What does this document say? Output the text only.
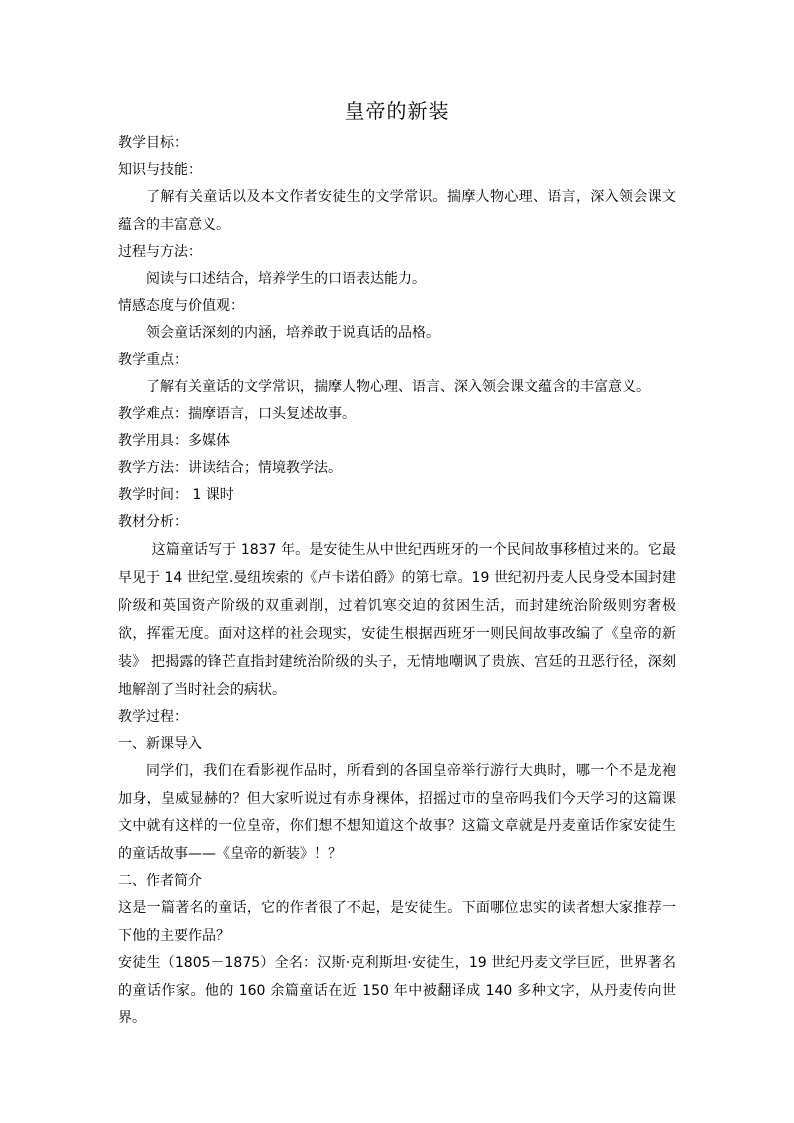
皇帝的新装

教学目标：

知识与技能：

了解有关童话以及本文作者安徒生的文学常识。揣摩人物心理、语言，深入领会课文蕴含的丰富意义。

过程与方法：

阅读与口述结合，培养学生的口语表达能力。

情感态度与价值观：

领会童话深刻的内涵，培养敢于说真话的品格。

教学重点：

了解有关童话的文学常识，揣摩人物心理、语言、深入领会课文蕴含的丰富意义。

教学难点：揣摩语言，口头复述故事。

教学用具：多媒体

教学方法：讲读结合；情境教学法。

教学时间： 1 课时

教材分析：

这篇童话写于 1837 年。是安徒生从中世纪西班牙的一个民间故事移植过来的。它最早见于 14 世纪堂.曼纽埃索的《卢卡诺伯爵》的第七章。19 世纪初丹麦人民身受本国封建阶级和英国资产阶级的双重剥削，过着饥寒交迫的贫困生活，而封建统治阶级则穷奢极欲，挥霍无度。面对这样的社会现实，安徒生根据西班牙一则民间故事改编了《皇帝的新装》 把揭露的锋芒直指封建统治阶级的头子，无情地嘲讽了贵族、宫廷的丑恶行径，深刻地解剖了当时社会的病状。

教学过程：

一、新课导入

同学们，我们在看影视作品时，所看到的各国皇帝举行游行大典时，哪一个不是龙袍加身，皇威显赫的？但大家听说过有赤身裸体，招摇过市的皇帝吗我们今天学习的这篇课文中就有这样的一位皇帝，你们想不想知道这个故事？这篇文章就是丹麦童话作家安徒生的童话故事——《皇帝的新装》！？

二、作者简介

这是一篇著名的童话，它的作者很了不起，是安徒生。下面哪位忠实的读者想大家推荐一下他的主要作品？

安徒生（1805－1875）全名：汉斯·克利斯坦·安徒生，19 世纪丹麦文学巨匠，世界著名的童话作家。他的 160 余篇童话在近 150 年中被翻译成 140 多种文字，从丹麦传向世界。
